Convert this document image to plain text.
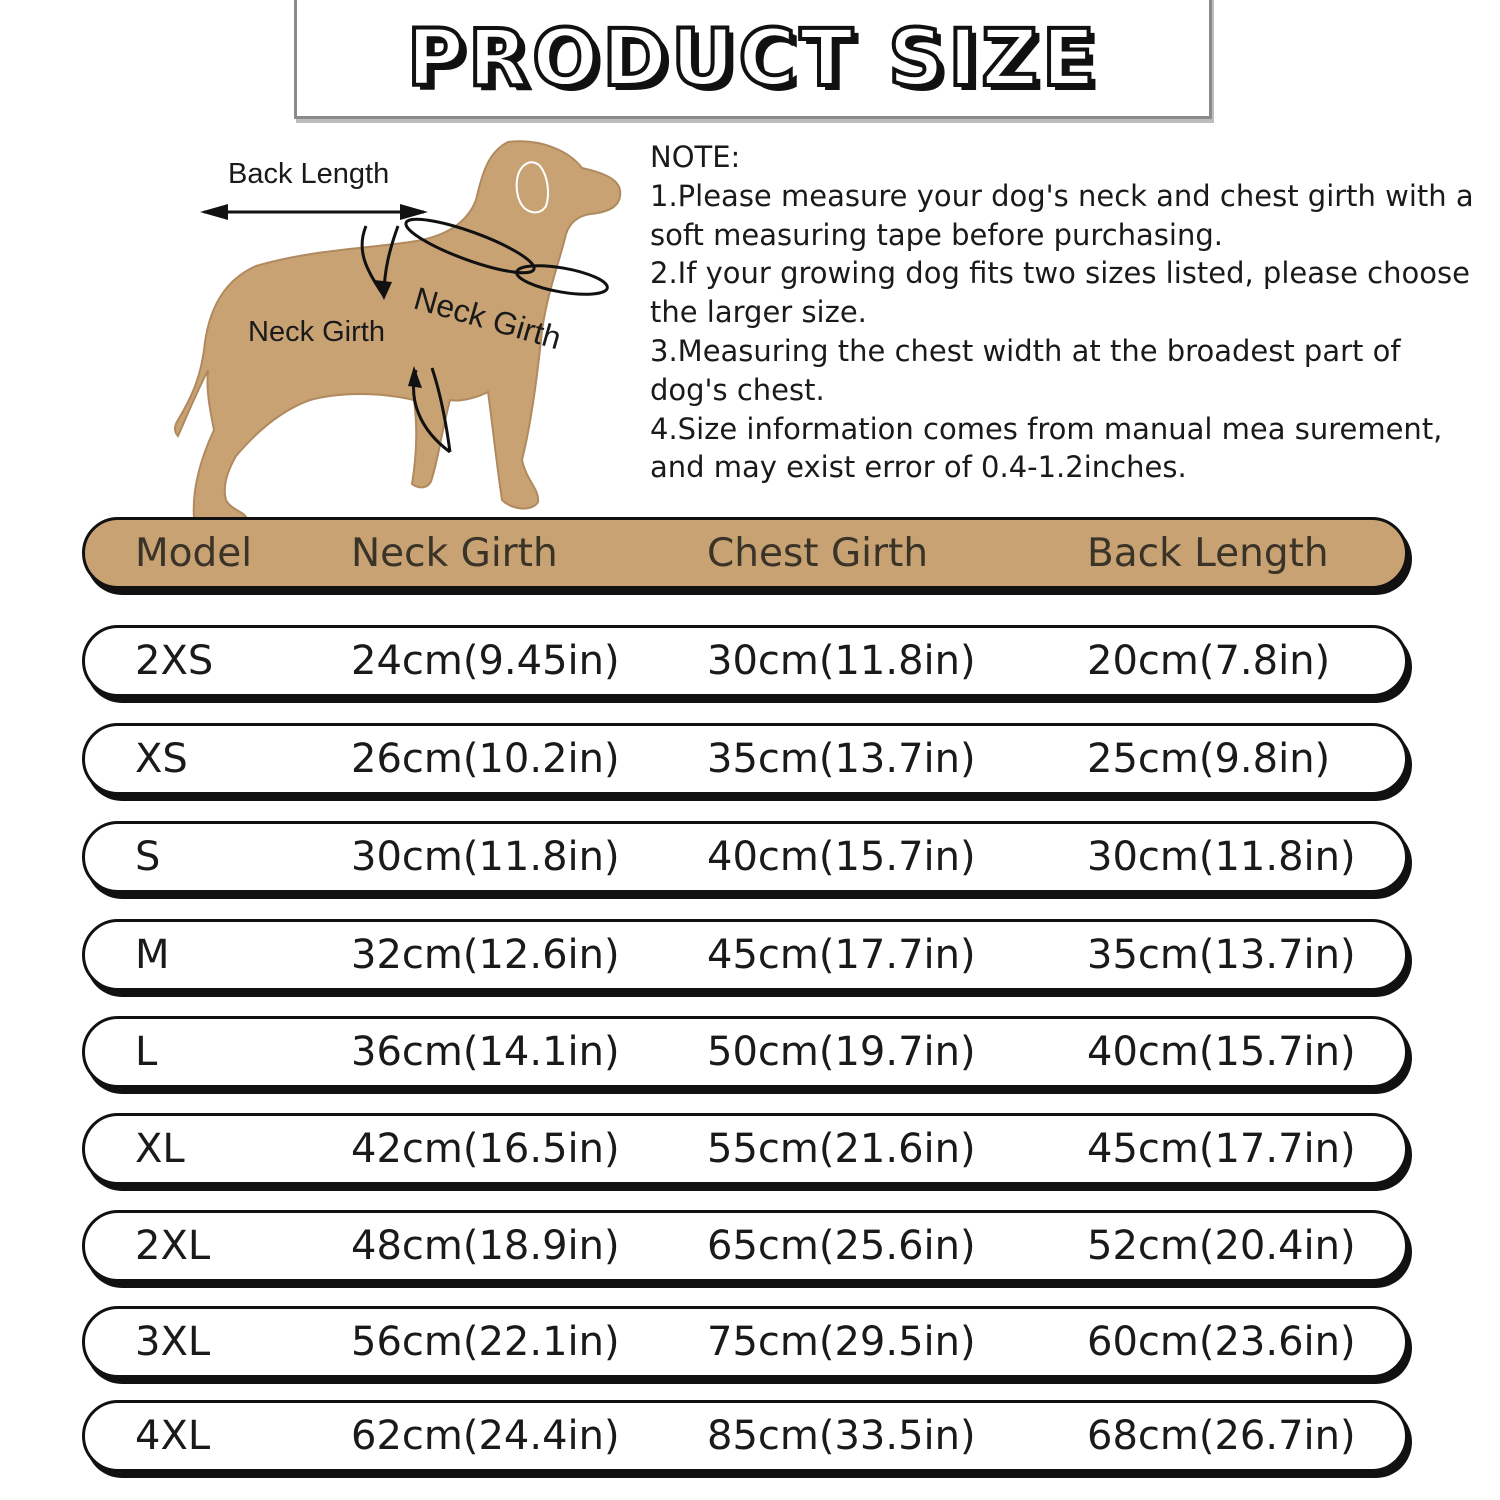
PRODUCT SIZE
Back Length
Neck Girth Neck Girth
NOTE:
1.Please measure your dog's neck and chest girth with a
soft measuring tape before purchasing.
2.If your growing dog fits two sizes listed, please choose
the larger size.
3.Measuring the chest width at the broadest part of
dog's chest.
4.Size information comes from manual mea surement,
and may exist error of 0.4-1.2inches.
Model	Neck Girth	Chest Girth	Back Length
2XS	24cm(9.45in) 30cm(11.8in)	20cm(7.8in)
XS	26cm(10.2in) 35cm(13.7in)	25cm(9.8in)
S	30cm(11.8in) 40cm(15.7in)	30cm(11.8in)
M	32cm(12.6in) 45cm(17.7in)	35cm(13.7in)
L	36cm(14.1in) 50cm(19.7in)	40cm(15.7in)
XL	42cm(16.5in) 55cm(21.6in)	45cm(17.7in)
2XL	48cm(18.9in) 65cm(25.6in)	52cm(20.4in)
3XL	56cm(22.1in) 75cm(29.5in)	60cm(23.6in)
4XL	62cm(24.4in) 85cm(33.5in)	68cm(26.7in)
